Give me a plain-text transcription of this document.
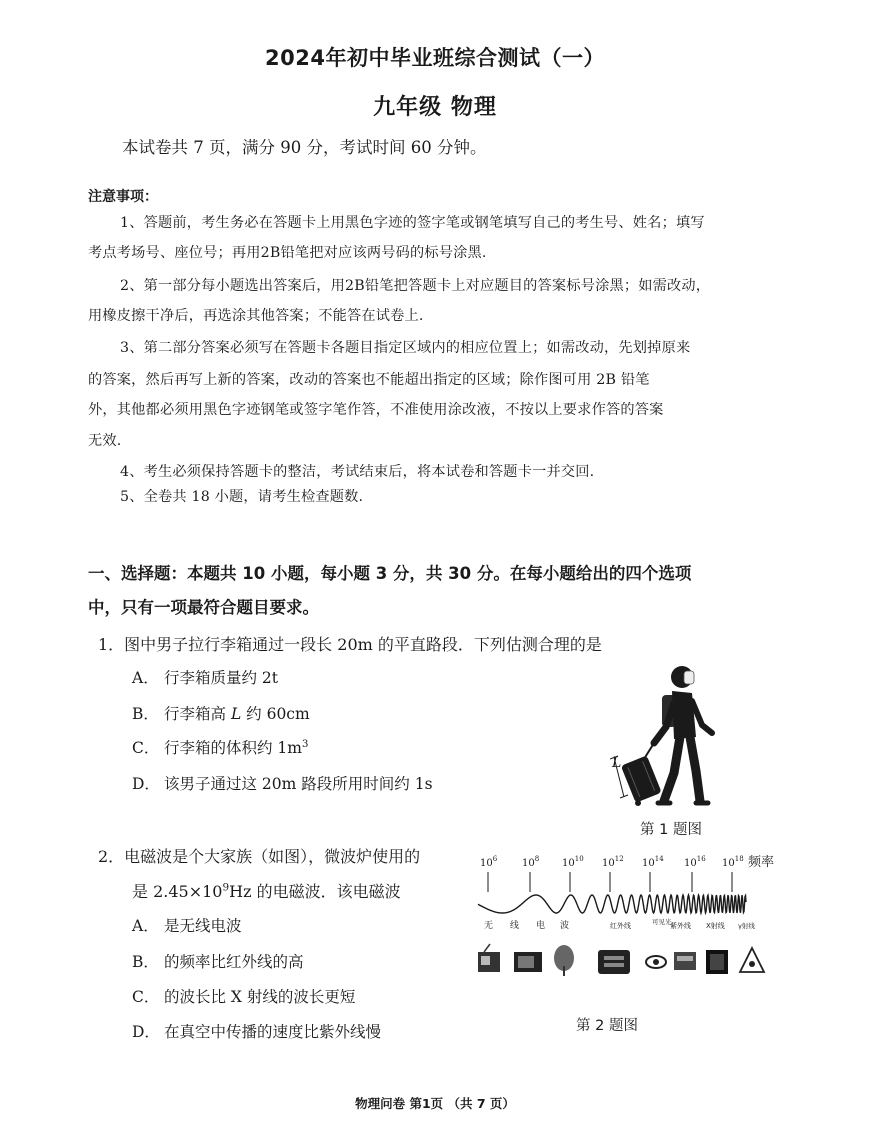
2024年初中毕业班综合测试（一）
九年级 物理
本试卷共 7 页，满分 90 分，考试时间 60 分钟。
注意事项：
1、答题前，考生务必在答题卡上用黑色字迹的签字笔或钢笔填写自己的考生号、姓名；填写
考点考场号、座位号；再用2B铅笔把对应该两号码的标号涂黑.
2、第一部分每小题选出答案后，用2B铅笔把答题卡上对应题目的答案标号涂黑；如需改动，
用橡皮擦干净后，再选涂其他答案；不能答在试卷上.
3、第二部分答案必须写在答题卡各题目指定区域内的相应位置上；如需改动，先划掉原来
的答案，然后再写上新的答案，改动的答案也不能超出指定的区域；除作图可用 2B 铅笔
外，其他都必须用黑色字迹钢笔或签字笔作答，不准使用涂改液，不按以上要求作答的答案
无效.
4、考生必须保持答题卡的整洁，考试结束后，将本试卷和答题卡一并交回.
5、全卷共 18 小题，请考生检查题数.
一、选择题：本题共 10 小题，每小题 3 分，共 30 分。在每小题给出的四个选项
中，只有一项最符合题目要求。
1．图中男子拉行李箱通过一段长 20m 的平直路段．下列估测合理的是
A． 行李箱质量约 2t
B． 行李箱高 L 约 60cm
C． 行李箱的体积约 $1m^3$
D． 该男子通过这 20m 路段所用时间约 1s
L
第 1 题图
2．电磁波是个大家族（如图），微波炉使用的
是 $2.45\times 10^9Hz$ 的电磁波．该电磁波
A． 是无线电波
B． 的频率比红外线的高
C． 的波长比 X 射线的波长更短
D． 在真空中传播的速度比紫外线慢
$10^6$ $10^8$ $10^{10}$ $10^{12}$ $10^{14}$ $10^{16}$ $10^{18}$ 频率
无 线 电 波	红外线	可见光
紫外线 X射线 γ射线
第 2 题图
物理问卷 第1页 （共 7 页）
